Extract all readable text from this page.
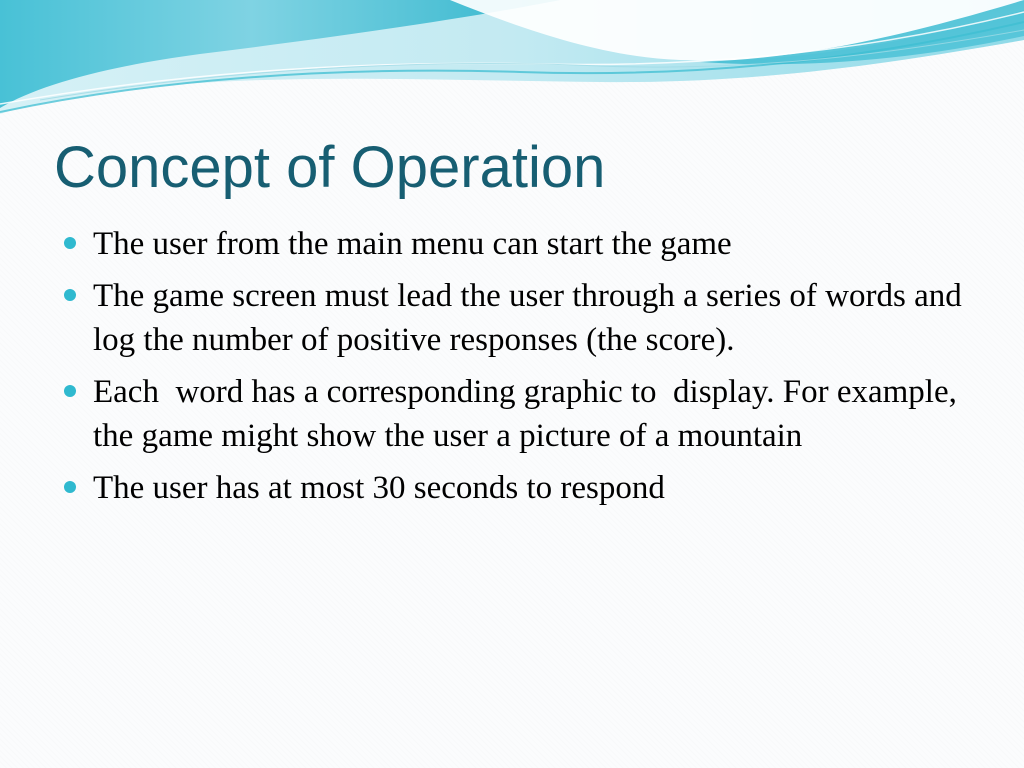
Concept of Operation
The user from the main menu can start the game
The game screen must lead the user through a series of words and log the number of positive responses (the score).
Each  word has a corresponding graphic to  display. For example, the game might show the user a picture of a mountain
The user has at most 30 seconds to respond
